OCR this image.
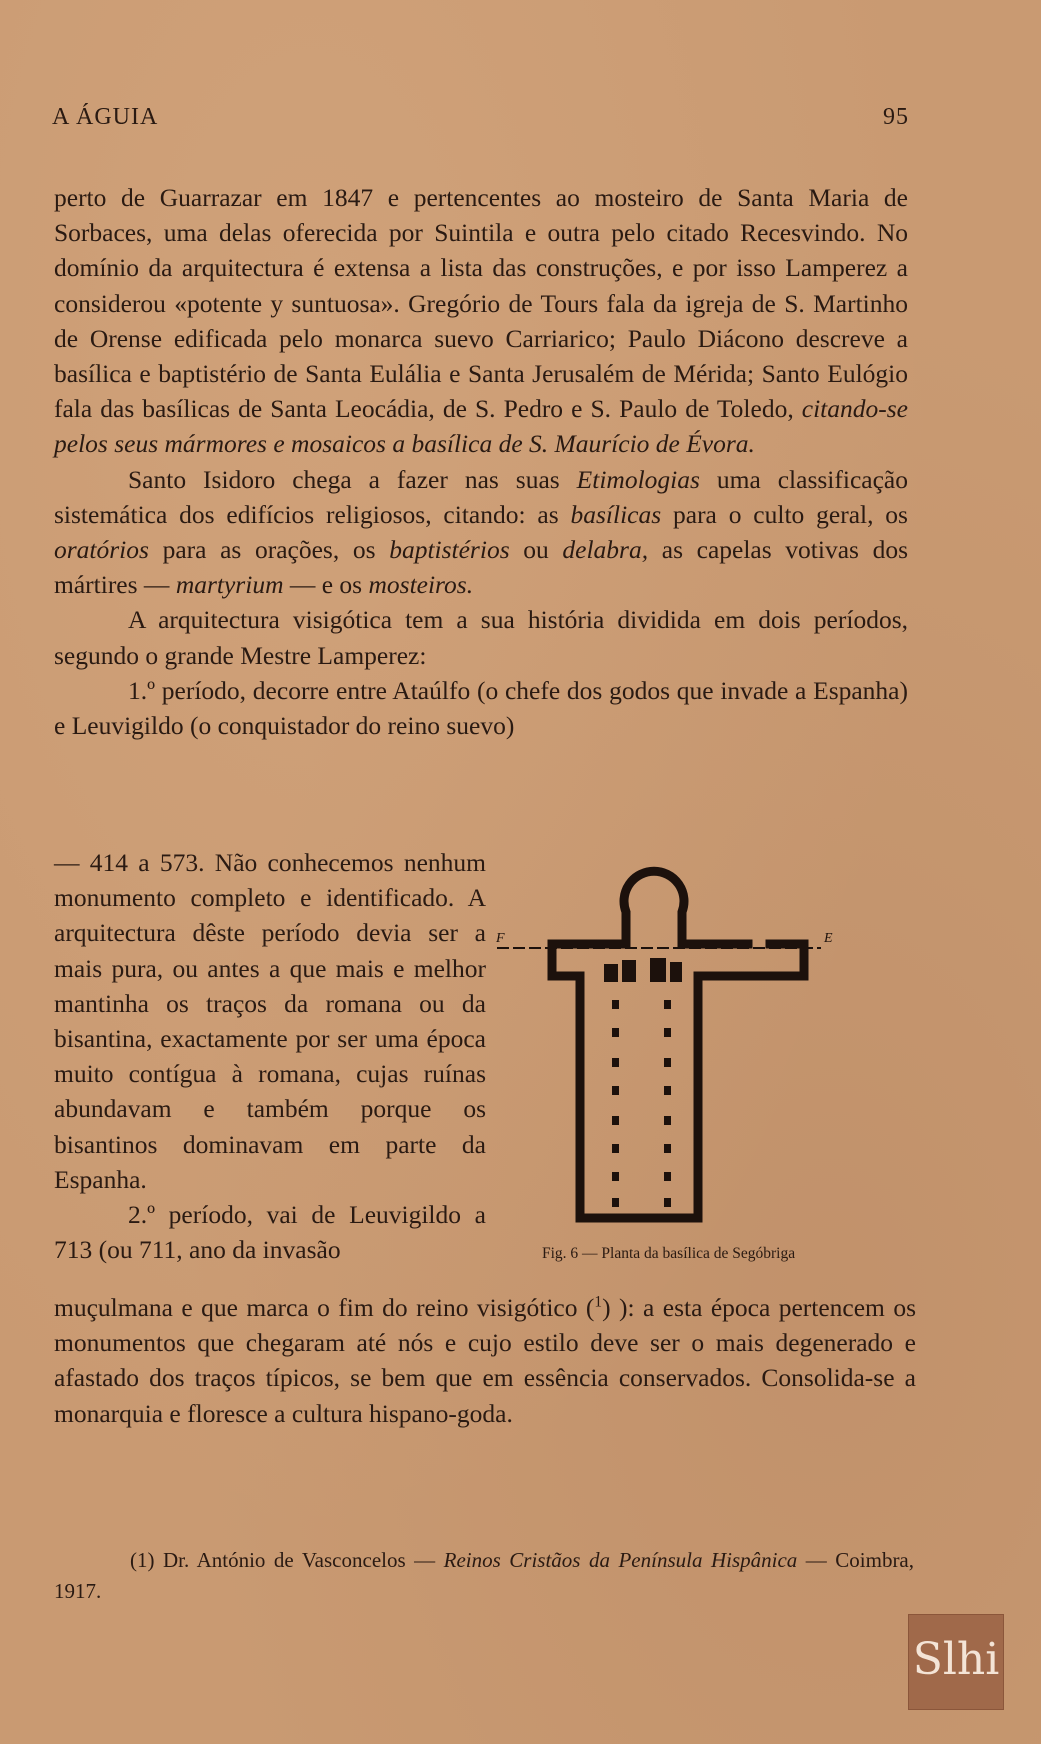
A ÁGUIA	95

perto de Guarrazar em 1847 e pertencentes ao mosteiro de Santa Maria de Sorbaces, uma delas oferecida por Suintila e outra pelo citado Recesvindo. No domínio da arquitectura é extensa a lista das construções, e por isso Lamperez a considerou «potente y suntuosa». Gregório de Tours fala da igreja de S. Martinho de Orense edificada pelo monarca suevo Carriarico; Paulo Diácono descreve a basílica e baptistério de Santa Eulália e Santa Jerusalém de Mérida; Santo Eulógio fala das basílicas de Santa Leocádia, de S. Pedro e S. Paulo de Toledo, citando-se pelos seus mármores e mosaicos a basílica de S. Maurício de Évora.

Santo Isidoro chega a fazer nas suas Etimologias uma classificação sistemática dos edifícios religiosos, citando: as basílicas para o culto geral, os oratórios para as orações, os baptistérios ou delabra, as capelas votivas dos mártires — martyrium — e os mosteiros.

A arquitectura visigótica tem a sua história dividida em dois períodos, segundo o grande Mestre Lamperez:

1.º período, decorre entre Ataúlfo (o chefe dos godos que invade a Espanha) e Leuvigildo (o conquistador do reino suevo)

— 414 a 573. Não conhecemos nenhum monumento completo e identificado. A arquitectura dêste período devia ser a mais pura, ou antes a que mais e melhor mantinha os traços da romana ou da bisantina, exactamente por ser uma época muito contígua à romana, cujas ruínas abundavam e também porque os bisantinos dominavam em parte da Espanha.

2.º período, vai de Leuvigildo a 713 (ou 711, ano da invasão

F	E
Fig. 6 — Planta da basílica de Segóbriga

muçulmana e que marca o fim do reino visigótico ($^1$) ): a esta época pertencem os monumentos que chegaram até nós e cujo estilo deve ser o mais degenerado e afastado dos traços típicos, se bem que em essência conservados. Consolida-se a monarquia e floresce a cultura hispano-goda.

(1) Dr. António de Vasconcelos — Reinos Cristãos da Península Hispânica — Coimbra, 1917.
Slhi
